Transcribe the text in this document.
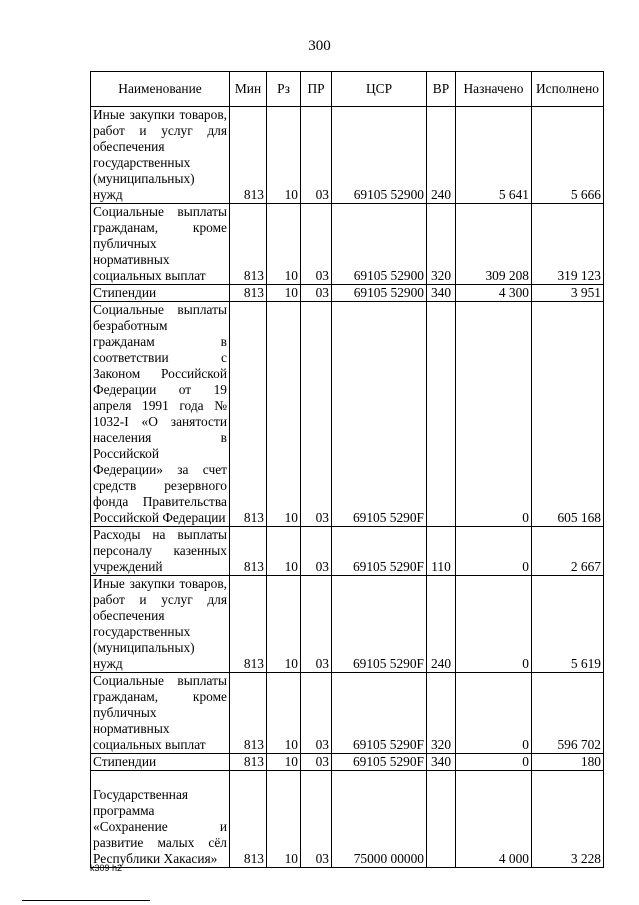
300
Наименование	Мин	Рз	ПР	ЦСР	ВР	Назначено	Исполнено

Иные закупки товаров, работ и услуг для обеспечения государственных (муниципальных) нужд	813	10	03	69105 52900	240	5 641	5 666

Социальные выплаты гражданам, кроме публичных нормативных социальных выплат	813	10	03	69105 52900	320	309 208	319 123

Стипендии	813	10	03	69105 52900	340	4 300	3 951

Социальные выплаты безработным гражданам в соответствии с Законом Российской Федерации от 19 апреля 1991 года № 1032-I «О занятости населения в Российской Федерации» за счет средств резервного фонда Правительства Российской Федерации	813	10	03	69105 5290F		0	605 168

Расходы на выплаты персоналу казенных учреждений	813	10	03	69105 5290F	110	0	2 667

Иные закупки товаров, работ и услуг для обеспечения государственных (муниципальных) нужд	813	10	03	69105 5290F	240	0	5 619

Социальные выплаты гражданам, кроме публичных нормативных социальных выплат	813	10	03	69105 5290F	320	0	596 702

Стипендии	813	10	03	69105 5290F	340	0	180

Государственная программа «Сохранение и развитие малых сёл Республики Хакасия»	813	10	03	75000 00000		4 000	3 228
k309 h2
